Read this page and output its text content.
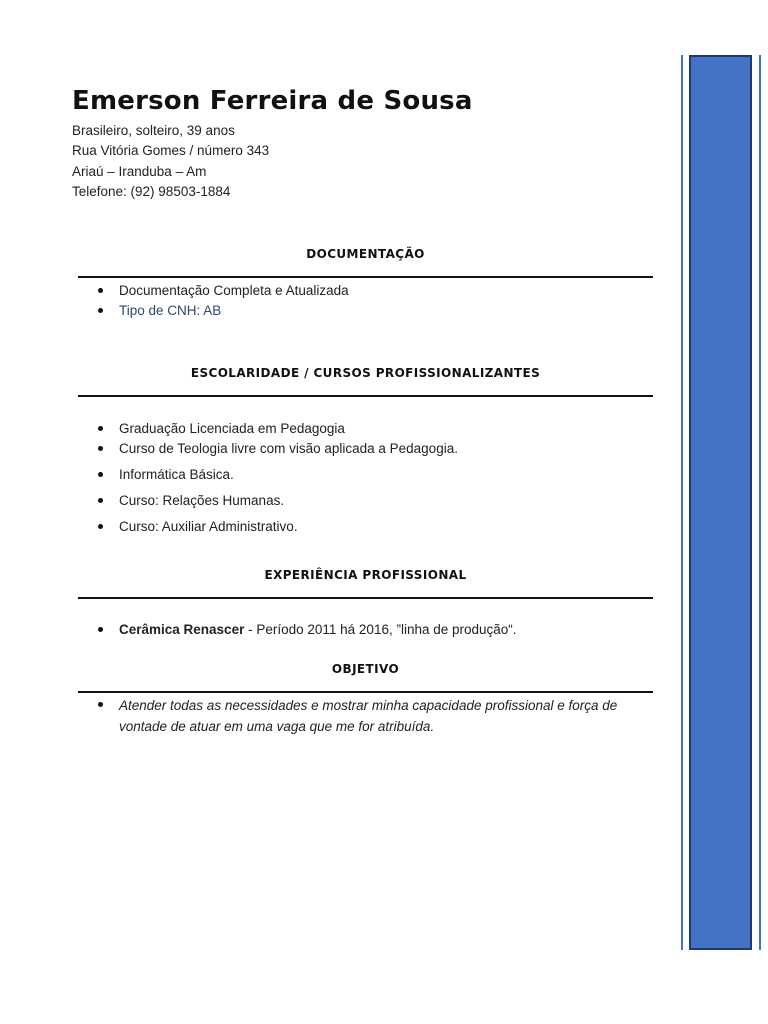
Emerson Ferreira de Sousa
Brasileiro, solteiro, 39 anos
Rua Vitória Gomes / número 343
Ariaú – Iranduba – Am
Telefone: (92) 98503-1884
DOCUMENTAÇÃO
Documentação Completa e Atualizada
Tipo de CNH: AB
ESCOLARIDADE / CURSOS PROFISSIONALIZANTES
Graduação Licenciada em Pedagogia
Curso de Teologia livre com visão aplicada a Pedagogia.
Informática Básica.
Curso: Relações Humanas.
Curso: Auxiliar Administrativo.
EXPERIÊNCIA PROFISSIONAL
Cerâmica Renascer - Período 2011 há 2016, ”linha de produção“.
OBJETIVO
Atender todas as necessidades e mostrar minha capacidade profissional e força de vontade de atuar em uma vaga que me for atribuída.
